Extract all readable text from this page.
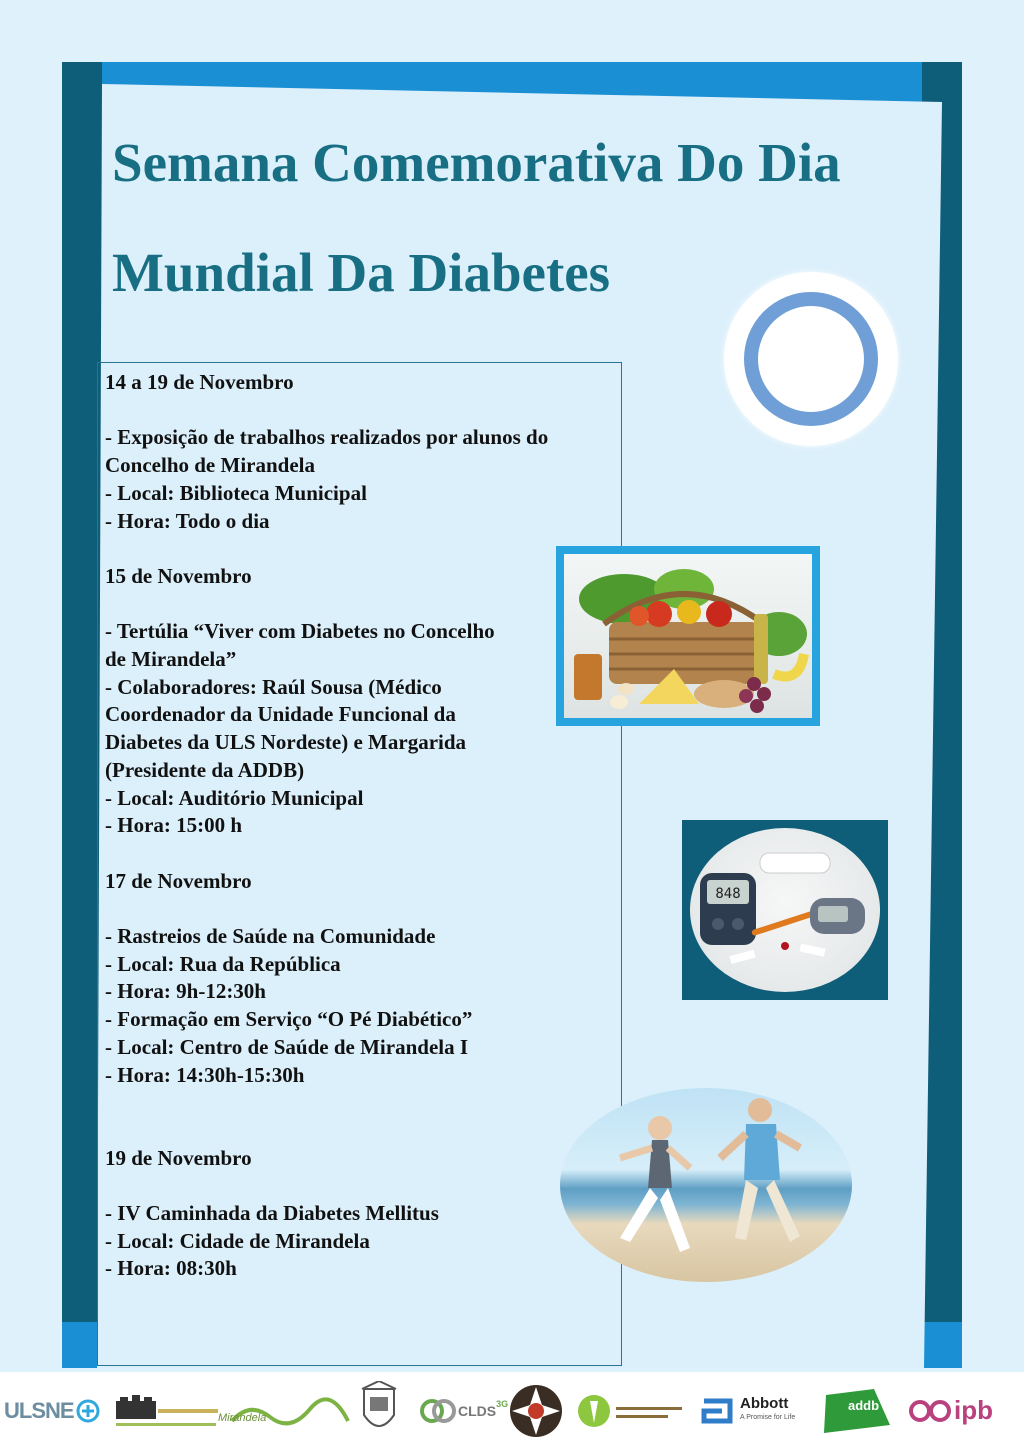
Semana Comemorativa Do Dia
Mundial Da Diabetes
14 a 19 de Novembro
- Exposição de trabalhos realizados por alunos do
Concelho de Mirandela
- Local: Biblioteca Municipal
- Hora: Todo o dia
15 de Novembro
- Tertúlia “Viver com Diabetes no Concelho
de Mirandela”
- Colaboradores: Raúl Sousa (Médico
Coordenador da Unidade Funcional da
Diabetes da ULS Nordeste) e Margarida
(Presidente da ADDB)
- Local: Auditório Municipal
- Hora: 15:00 h
17 de Novembro
- Rastreios de Saúde na Comunidade
- Local: Rua da República
- Hora: 9h-12:30h
- Formação em Serviço “O Pé Diabético”
- Local: Centro de Saúde de Mirandela I
- Hora: 14:30h-15:30h
19 de Novembro
- IV Caminhada da Diabetes Mellitus
- Local: Cidade de Mirandela
- Hora: 08:30h
848
ULSNE	Mirandela	CLDS 3G	Abbott
A Promise for Life
addb	ipb
